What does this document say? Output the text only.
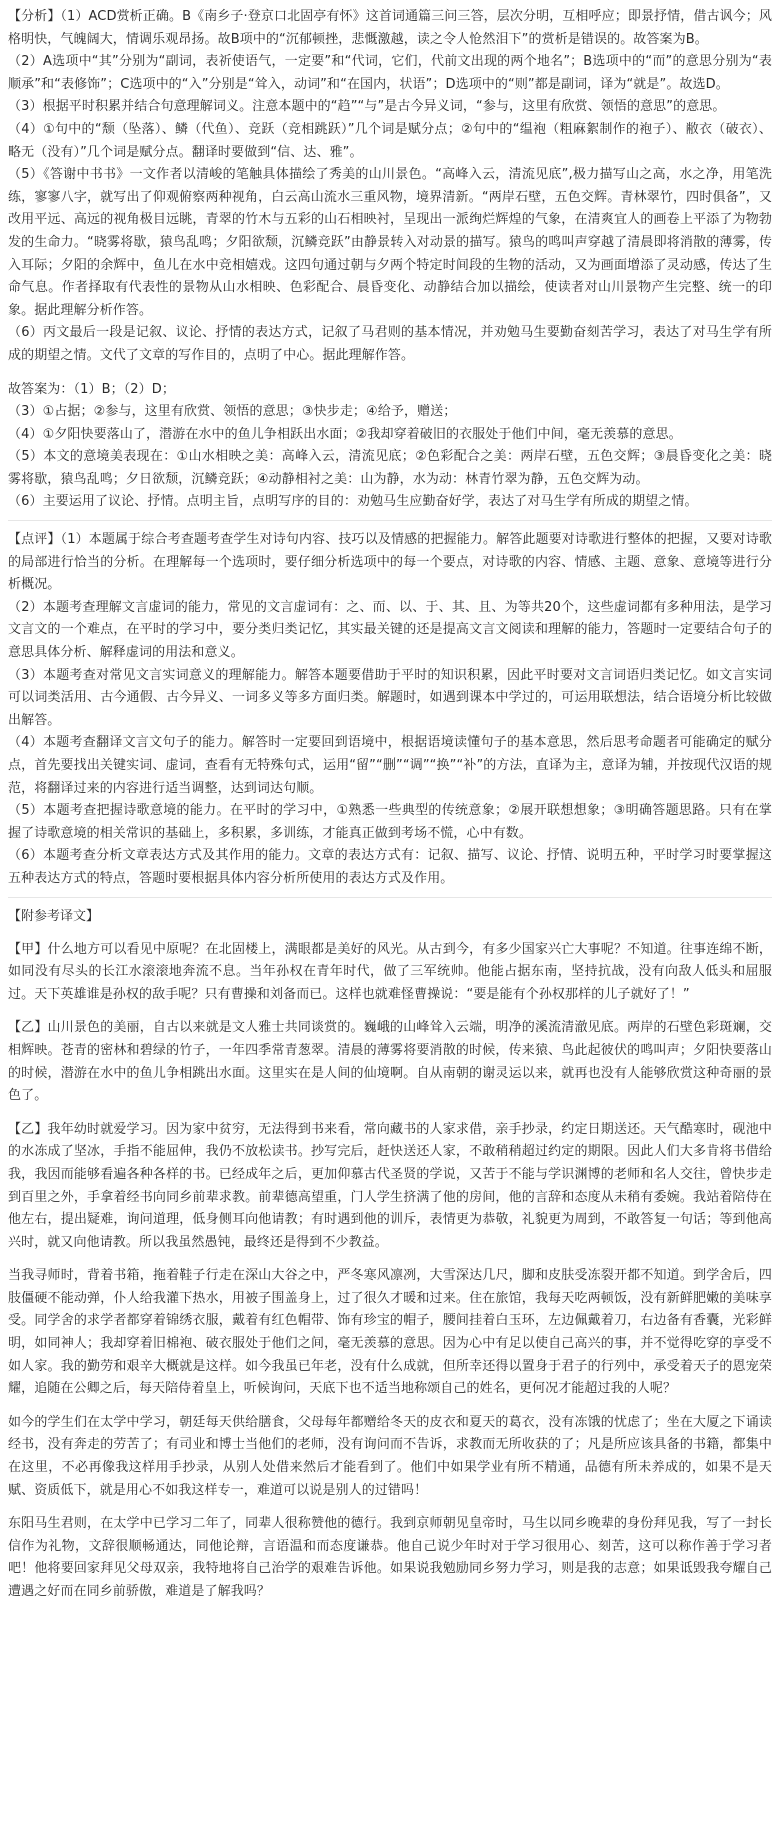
【分析】（1）ACD赏析正确。B《南乡子·登京口北固亭有怀》这首词通篇三问三答，层次分明，互相呼应；即景抒情，借古讽今；风格明快，气魄阔大，情调乐观昂扬。故B项中的“沉郁顿挫，悲慨激越，读之令人怆然泪下”的赏析是错误的。故答案为B。

（2）A选项中“其”分别为“副词，表祈使语气，一定要”和“代词，它们，代前文出现的两个地名”；B选项中的“而”的意思分别为“表顺承”和“表修饰”；C选项中的“入”分别是“耸入，动词”和“在国内，状语”；D选项中的“则”都是副词，译为“就是”。故选D。

（3）根据平时积累并结合句意理解词义。注意本题中的“趋”“与”是古今异义词，“参与，这里有欣赏、领悟的意思”的意思。

（4）①句中的“颓（坠落）、鳞（代鱼）、竞跃（竞相跳跃）”几个词是赋分点；②句中的“缊袍（粗麻絮制作的袍子）、敝衣（破衣）、略无（没有）”几个词是赋分点。翻译时要做到“信、达、雅”。

（5）《答谢中书书》一文作者以清峻的笔触具体描绘了秀美的山川景色。“高峰入云，清流见底”,极力描写山之高，水之净，用笔洗练，寥寥八字，就写出了仰观俯察两种视角，白云高山流水三重风物，境界清新。“两岸石壁，五色交辉。青林翠竹，四时俱备”，又改用平远、高远的视角极目远眺，青翠的竹木与五彩的山石相映衬，呈现出一派绚烂辉煌的气象，在清爽宜人的画卷上平添了为物勃发的生命力。“晓雾将歇，猿鸟乱鸣；夕阳欲颓，沉鳞竞跃”由静景转入对动景的描写。猿鸟的鸣叫声穿越了清晨即将消散的薄雾，传入耳际；夕阳的余辉中，鱼儿在水中竞相嬉戏。这四句通过朝与夕两个特定时间段的生物的活动，又为画面增添了灵动感，传达了生命气息。作者择取有代表性的景物从山水相映、色彩配合、晨昏变化、动静结合加以描绘，使读者对山川景物产生完整、统一的印象。据此理解分析作答。

（6）丙文最后一段是记叙、议论、抒情的表达方式，记叙了马君则的基本情况，并劝勉马生要勤奋刻苦学习，表达了对马生学有所成的期望之情。文代了文章的写作目的，点明了中心。据此理解作答。

故答案为：（1）B；（2）D；

（3）①占据；②参与，这里有欣赏、领悟的意思；③快步走；④给予，赠送；

（4）①夕阳快要落山了，潜游在水中的鱼儿争相跃出水面；②我却穿着破旧的衣服处于他们中间，毫无羡慕的意思。

（5）本文的意境美表现在：①山水相映之美：高峰入云，清流见底；②色彩配合之美：两岸石壁，五色交辉；③晨昏变化之美：晓雾将歇，猿鸟乱鸣；夕日欲颓，沉鳞竞跃；④动静相衬之美：山为静，水为动：林青竹翠为静，五色交辉为动。

（6）主要运用了议论、抒情。点明主旨，点明写序的目的：劝勉马生应勤奋好学，表达了对马生学有所成的期望之情。

【点评】（1）本题属于综合考查题考查学生对诗句内容、技巧以及情感的把握能力。解答此题要对诗歌进行整体的把握，又要对诗歌的局部进行恰当的分析。在理解每一个选项时，要仔细分析选项中的每一个要点，对诗歌的内容、情感、主题、意象、意境等进行分析概况。

（2）本题考查理解文言虚词的能力，常见的文言虚词有：之、而、以、于、其、且、为等共20个，这些虚词都有多种用法，是学习文言文的一个难点，在平时的学习中，要分类归类记忆，其实最关键的还是提高文言文阅读和理解的能力，答题时一定要结合句子的意思具体分析、解释虚词的用法和意义。

（3）本题考查对常见文言实词意义的理解能力。解答本题要借助于平时的知识积累，因此平时要对文言词语归类记忆。如文言实词可以词类活用、古今通假、古今异义、一词多义等多方面归类。解题时，如遇到课本中学过的，可运用联想法，结合语境分析比较做出解答。

（4）本题考查翻译文言文句子的能力。解答时一定要回到语境中，根据语境读懂句子的基本意思，然后思考命题者可能确定的赋分点，首先要找出关键实词、虚词，查看有无特殊句式，运用“留”“删”“调”“换”“补”的方法，直译为主，意译为辅，并按现代汉语的规范，将翻译过来的内容进行适当调整，达到词达句顺。

（5）本题考查把握诗歌意境的能力。在平时的学习中，①熟悉一些典型的传统意象；②展开联想想象；③明确答题思路。只有在掌握了诗歌意境的相关常识的基础上，多积累，多训练，才能真正做到考场不慌，心中有数。

（6）本题考查分析文章表达方式及其作用的能力。文章的表达方式有：记叙、描写、议论、抒情、说明五种，平时学习时要掌握这五种表达方式的特点，答题时要根据具体内容分析所使用的表达方式及作用。

【附参考译文】

【甲】什么地方可以看见中原呢？在北固楼上，满眼都是美好的风光。从古到今，有多少国家兴亡大事呢？不知道。往事连绵不断，如同没有尽头的长江水滚滚地奔流不息。当年孙权在青年时代，做了三军统帅。他能占据东南，坚持抗战，没有向敌人低头和屈服过。天下英雄谁是孙权的敌手呢？只有曹操和刘备而已。这样也就难怪曹操说：“要是能有个孙权那样的儿子就好了！”

【乙】山川景色的美丽，自古以来就是文人雅士共同谈赏的。巍峨的山峰耸入云端，明净的溪流清澈见底。两岸的石壁色彩斑斓，交相辉映。苍青的密林和碧绿的竹子，一年四季常青葱翠。清晨的薄雾将要消散的时候，传来猿、鸟此起彼伏的鸣叫声；夕阳快要落山的时候，潜游在水中的鱼儿争相跳出水面。这里实在是人间的仙境啊。自从南朝的谢灵运以来，就再也没有人能够欣赏这种奇丽的景色了。

【乙】我年幼时就爱学习。因为家中贫穷，无法得到书来看，常向藏书的人家求借，亲手抄录，约定日期送还。天气酷寒时，砚池中的水冻成了坚冰，手指不能屈伸，我仍不放松读书。抄写完后，赶快送还人家，不敢稍稍超过约定的期限。因此人们大多肯将书借给我，我因而能够看遍各种各样的书。已经成年之后，更加仰慕古代圣贤的学说，又苦于不能与学识渊博的老师和名人交往，曾快步走到百里之外，手拿着经书向同乡前辈求教。前辈德高望重，门人学生挤满了他的房间，他的言辞和态度从未稍有委婉。我站着陪侍在他左右，提出疑难，询问道理，低身侧耳向他请教；有时遇到他的训斥，表情更为恭敬，礼貌更为周到，不敢答复一句话；等到他高兴时，就又向他请教。所以我虽然愚钝，最终还是得到不少教益。

当我寻师时，背着书箱，拖着鞋子行走在深山大谷之中，严冬寒风凛冽，大雪深达几尺，脚和皮肤受冻裂开都不知道。到学舍后，四肢僵硬不能动弹，仆人给我灌下热水，用被子围盖身上，过了很久才暖和过来。住在旅馆，我每天吃两顿饭，没有新鲜肥嫩的美味享受。同学舍的求学者都穿着锦绣衣服，戴着有红色帽带、饰有珍宝的帽子，腰间挂着白玉环，左边佩戴着刀，右边备有香囊，光彩鲜明，如同神人；我却穿着旧棉袍、破衣服处于他们之间，毫无羡慕的意思。因为心中有足以使自己高兴的事，并不觉得吃穿的享受不如人家。我的勤劳和艰辛大概就是这样。如今我虽已年老，没有什么成就，但所幸还得以置身于君子的行列中，承受着天子的恩宠荣耀，追随在公卿之后，每天陪侍着皇上，听候询问，天底下也不适当地称颂自己的姓名，更何况才能超过我的人呢？

如今的学生们在太学中学习，朝廷每天供给膳食，父母每年都赠给冬天的皮衣和夏天的葛衣，没有冻饿的忧虑了；坐在大厦之下诵读经书，没有奔走的劳苦了；有司业和博士当他们的老师，没有询问而不告诉，求教而无所收获的了；凡是所应该具备的书籍，都集中在这里，不必再像我这样用手抄录，从别人处借来然后才能看到了。他们中如果学业有所不精通，品德有所未养成的，如果不是天赋、资质低下，就是用心不如我这样专一，难道可以说是别人的过错吗！

东阳马生君则，在太学中已学习二年了，同辈人很称赞他的德行。我到京师朝见皇帝时，马生以同乡晚辈的身份拜见我，写了一封长信作为礼物，文辞很顺畅通达，同他论辩，言语温和而态度谦恭。他自己说少年时对于学习很用心、刻苦，这可以称作善于学习者吧！他将要回家拜见父母双亲，我特地将自己治学的艰难告诉他。如果说我勉励同乡努力学习，则是我的志意；如果诋毁我夸耀自己遭遇之好而在同乡前骄傲，难道是了解我吗？
